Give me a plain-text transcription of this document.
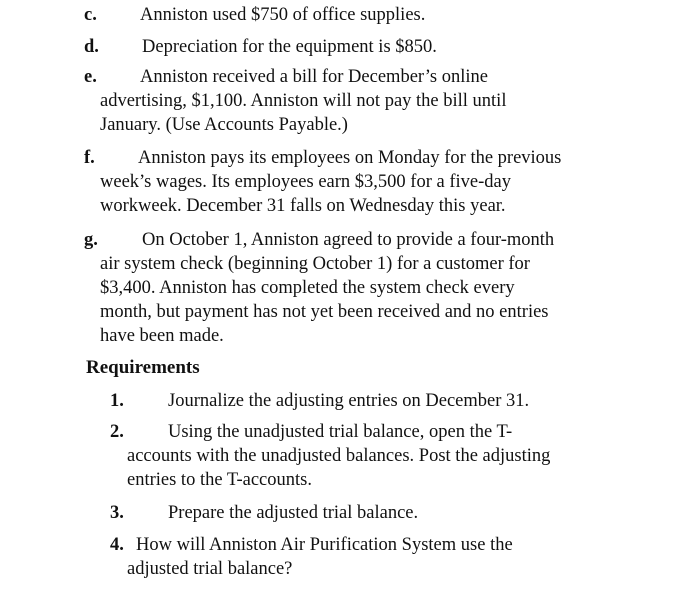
c. Anniston used $750 of office supplies.
d. Depreciation for the equipment is $850.
e. Anniston received a bill for December’s online
advertising, $1,100. Anniston will not pay the bill until
January. (Use Accounts Payable.)
f. Anniston pays its employees on Monday for the previous
week’s wages. Its employees earn $3,500 for a five-day
workweek. December 31 falls on Wednesday this year.
g. On October 1, Anniston agreed to provide a four-month
air system check (beginning October 1) for a customer for
$3,400. Anniston has completed the system check every
month, but payment has not yet been received and no entries
have been made.
Requirements
1. Journalize the adjusting entries on December 31.
2. Using the unadjusted trial balance, open the T-
accounts with the unadjusted balances. Post the adjusting
entries to the T-accounts.
3. Prepare the adjusted trial balance.
4. How will Anniston Air Purification System use the
adjusted trial balance?
